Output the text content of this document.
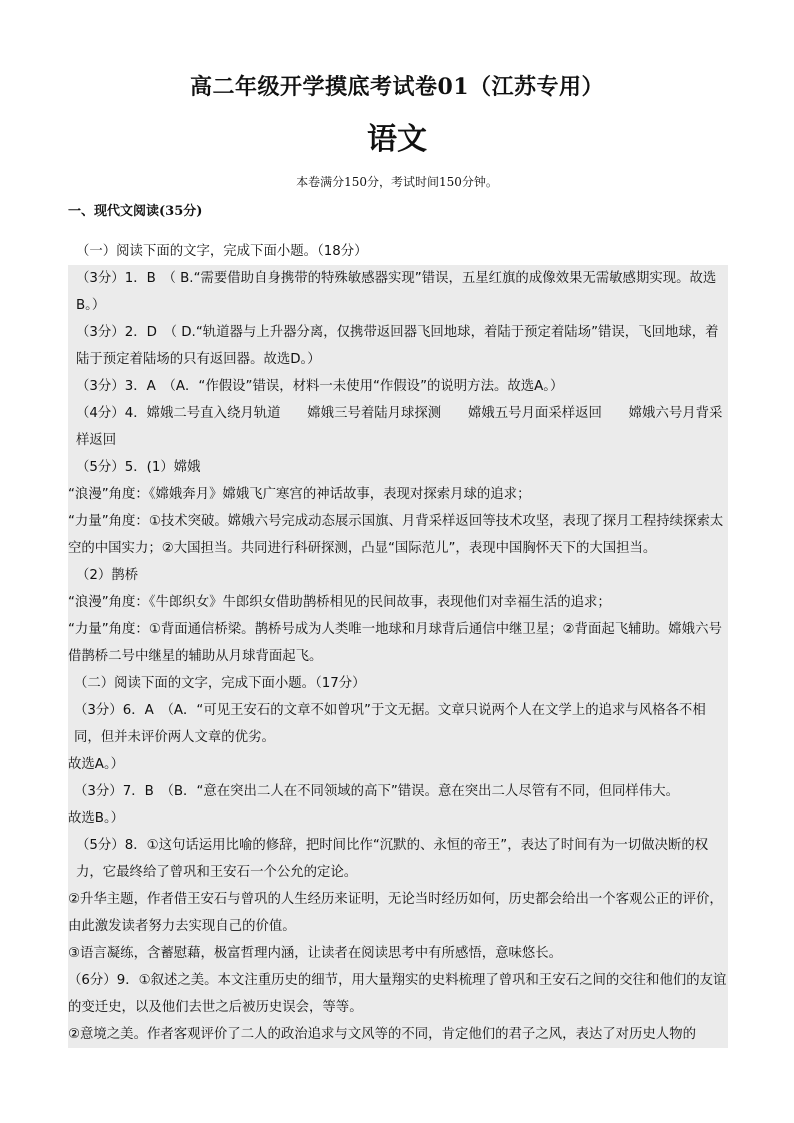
高二年级开学摸底考试卷01（江苏专用）
语文
本卷满分150分，考试时间150分钟。
一、现代文阅读(35分)

（一）阅读下面的文字，完成下面小题。（18分）

（3分）1．B　（ B.“需要借助自身携带的特殊敏感器实现”错误，五星红旗的成像效果无需敏感期实现。故选B。）

（3分）2．D　（ D.“轨道器与上升器分离，仅携带返回器飞回地球，着陆于预定着陆场”错误，飞回地球，着陆于预定着陆场的只有返回器。故选D。）

（3分）3．A　（A．“作假设”错误，材料一未使用“作假设”的说明方法。故选A。）

（4分）4．嫦娥二号直入绕月轨道　　嫦娥三号着陆月球探测　　嫦娥五号月面采样返回　　嫦娥六号月背采样返回

（5分）5．(1）嫦娥

“浪漫”角度：《嫦娥奔月》嫦娥飞广寒宫的神话故事，表现对探索月球的追求；

“力量”角度：①技术突破。嫦娥六号完成动态展示国旗、月背采样返回等技术攻坚，表现了探月工程持续探索太空的中国实力；②大国担当。共同进行科研探测，凸显“国际范儿”，表现中国胸怀天下的大国担当。

（2）鹊桥

“浪漫”角度：《牛郎织女》牛郎织女借助鹊桥相见的民间故事，表现他们对幸福生活的追求；

“力量”角度：①背面通信桥梁。鹊桥号成为人类唯一地球和月球背后通信中继卫星；②背面起飞辅助。嫦娥六号借鹊桥二号中继星的辅助从月球背面起飞。

（二）阅读下面的文字，完成下面小题。（17分）

（3分）6．A　（A．“可见王安石的文章不如曾巩”于文无据。文章只说两个人在文学上的追求与风格各不相同，但并未评价两人文章的优劣。

故选A。）

（3分）7．B　（B．“意在突出二人在不同领域的高下”错误。意在突出二人尽管有不同，但同样伟大。

故选B。）

（5分）8．①这句话运用比喻的修辞，把时间比作“沉默的、永恒的帝王”，表达了时间有为一切做决断的权力，它最终给了曾巩和王安石一个公允的定论。

②升华主题，作者借王安石与曾巩的人生经历来证明，无论当时经历如何，历史都会给出一个客观公正的评价，由此激发读者努力去实现自己的价值。

③语言凝练，含蓄慰藉，极富哲理内涵，让读者在阅读思考中有所感悟，意味悠长。

（6分）9．①叙述之美。本文注重历史的细节，用大量翔实的史料梳理了曾巩和王安石之间的交往和他们的友谊的变迁史，以及他们去世之后被历史误会，等等。

②意境之美。作者客观评价了二人的政治追求与文风等的不同，肯定他们的君子之风，表达了对历史人物的
